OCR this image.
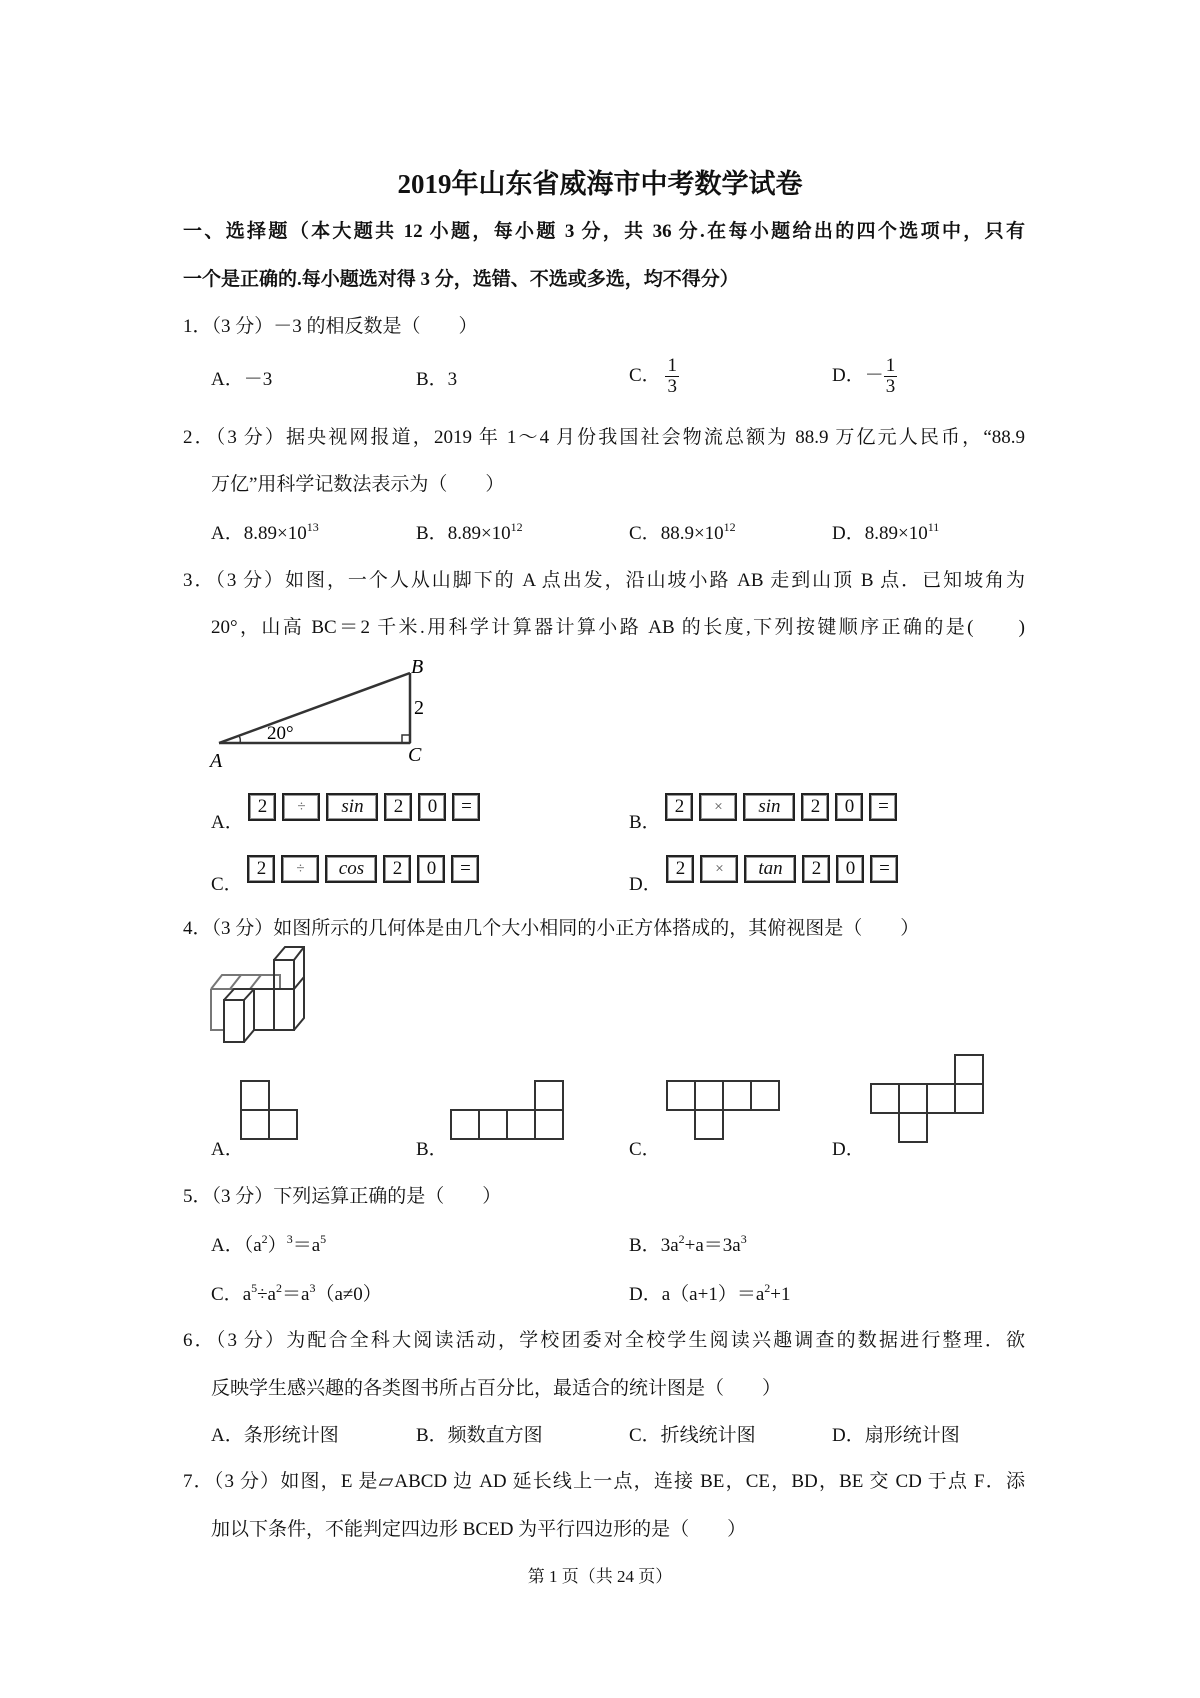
2019年山东省威海市中考数学试卷
一、选择题（本大题共 12 小题，每小题 3 分，共 36 分.在每小题给出的四个选项中，只有
一个是正确的.每小题选对得 3 分，选错、不选或多选，均不得分）
1．（3 分）－3 的相反数是（　　）
A．－3	B．3	C． $\frac{1}{3}$	D．－ $\frac{1}{3}$
2．（3 分）据央视网报道，2019 年 1～4 月份我国社会物流总额为 88.9 万亿元人民币，“88.9
万亿”用科学记数法表示为（　　）
A．$8.89\times 10^{13}$	B．$8.89\times 10^{12}$	C．$88.9\times 10^{12}$	D．$8.89\times 10^{11}$
3．（3 分）如图，一个人从山脚下的 A 点出发，沿山坡小路 AB 走到山顶 B 点．已知坡角为
20°，山高 BC＝2 千米.用科学计算器计算小路 AB 的长度,下列按键顺序正确的是(　　)
A
B
C
2
20°
A．
2	÷	sin	2	0	=
B．
2	×	sin	2	0	=
C．
2	÷	cos	2	0	=
D．
2	×	tan	2	0	=
4．（3 分）如图所示的几何体是由几个大小相同的小正方体搭成的，其俯视图是（　　）
A．	B．	C．	D．
5．（3 分）下列运算正确的是（　　）
A．$(a^2)^3=a^5$	B．$3a^2+a=3a^3$
C．$a^5\div a^2=a^3(a\ne 0)$	D．$a(a+1)=a^2+1$
6．（3 分）为配合全科大阅读活动，学校团委对全校学生阅读兴趣调查的数据进行整理．欲
反映学生感兴趣的各类图书所占百分比，最适合的统计图是（　　）
A．条形统计图	B．频数直方图	C．折线统计图	D．扇形统计图
7．（3 分）如图，E 是▱ABCD 边 AD 延长线上一点，连接 BE，CE，BD，BE 交 CD 于点 F．添
加以下条件，不能判定四边形 BCED 为平行四边形的是（　　）
第 1 页（共 24 页）
